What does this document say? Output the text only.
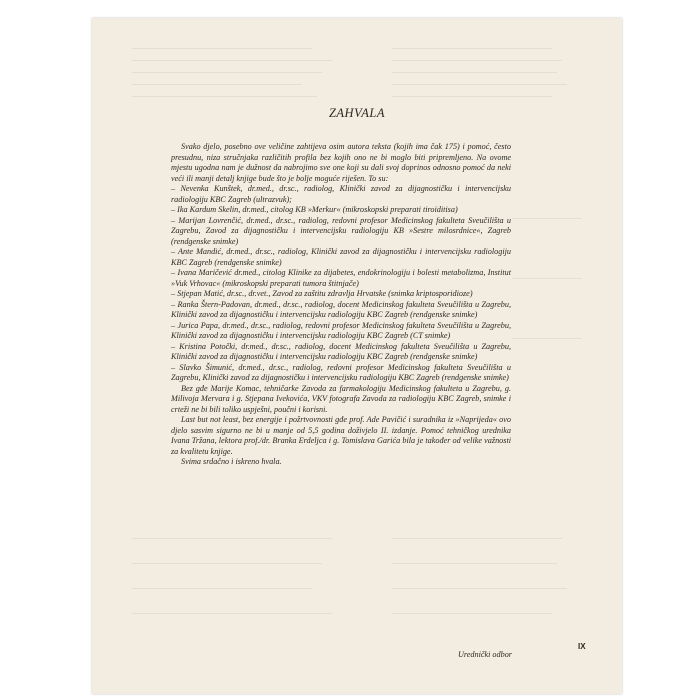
ZAHVALA

Svako djelo, posebno ove veličine zahtijeva osim autora teksta (kojih ima čak 175) i pomoć, često presudnu, niza stručnjaka različitih profila bez kojih ono ne bi moglo biti pripremljeno. Na ovome mjestu ugodna nam je dužnost da nabrojimo sve one koji su dali svoj doprinos odnosno pomoć da neki veći ili manji detalj knjige bude što je bolje moguće riješen. To su:

– Nevenka Kunštek, dr.med., dr.sc., radiolog, Klinički zavod za dijagnostičku i intervencijsku radiologiju KBC Zagreb (ultrazvuk);

– Ika Kardum Skelin, dr.med., citolog KB »Merkur« (mikroskopski preparati tiroiditisa)

– Marijan Lovrenčić, dr.med., dr.sc., radiolog, redovni profesor Medicinskog fakulteta Sveučilišta u Zagrebu, Zavod za dijagnostičku i intervencijsku radiologiju KB »Sestre milosrdnice«, Zagreb (rendgenske snimke)

– Ante Mandić, dr.med., dr.sc., radiolog, Klinički zavod za dijagnostičku i intervencijsku radiologiju KBC Zagreb (rendgenske snimke)

– Ivana Maričević dr.med., citolog Klinike za dijabetes, endokrinologiju i bolesti metabolizma, Institut »Vuk Vrhovac« (mikroskopski preparati tumora štitnjače)

– Stjepan Matić, dr.sc., dr.vet., Zavod za zaštitu zdravlja Hrvatske (snimka kriptosporidioze)

– Ranka Štern-Padovan, dr.med., dr.sc., radiolog, docent Medicinskog fakulteta Sveučilišta u Zagrebu, Klinički zavod za dijagnostičku i intervencijsku radiologiju KBC Zagreb (rendgenske snimke)

– Jurica Papa, dr.med., dr.sc., radiolog, redovni profesor Medicinskog fakulteta Sveučilišta u Zagrebu, Klinički zavod za dijagnostičku i intervencijsku radiologiju KBC Zagreb (CT snimke)

– Kristina Potočki, dr.med., dr.sc., radiolog, docent Medicinskog fakulteta Sveučilišta u Zagrebu, Klinički zavod za dijagnostičku i intervencijsku radiologiju KBC Zagreb (rendgenske snimke)

– Slavko Šimunić, dr.med., dr.sc., radiolog, redovni profesor Medicinskog fakulteta Sveučilišta u Zagrebu, Klinički zavod za dijagnostičku i intervencijsku radiologiju KBC Zagreb (rendgenske snimke)

Bez gđe Marije Komac, tehničarke Zavoda za farmakologiju Medicinskog fakulteta u Zagrebu, g. Milivoja Mervara i g. Stjepana Ivekovića, VKV fotografa Zavoda za radiologiju KBC Zagreb, snimke i crteži ne bi bili toliko uspješni, poučni i korisni.

Last but not least, bez energije i požrtvovnosti gđe prof. Ade Pavičić i suradnika iz »Naprijeda« ovo djelo sasvim sigurno ne bi u manje od 5,5 godina doživjelo II. izdanje. Pomoć tehničkog urednika Ivana Tržana, lektora prof./dr. Branka Erdeljca i g. Tomislava Garića bila je također od velike važnosti za kvalitetu knjige.

Svima srdačno i iskreno hvala.

Urednički odbor
IX
